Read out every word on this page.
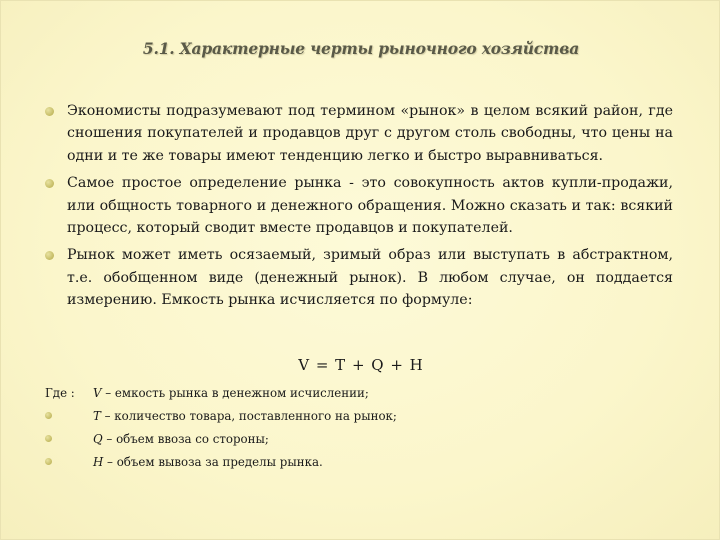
5.1. Характерные черты рыночного хозяйства
Экономисты подразумевают под термином «рынок» в целом всякий район, где сношения покупателей и продавцов друг с другом столь свободны, что цены на одни и те же товары имеют тенденцию легко и быстро выравниваться.
Самое простое определение рынка - это совокупность актов купли-продажи, или общность товарного и денежного обращения. Можно сказать и так: всякий процесс, который сводит вместе продавцов и покупателей.
Рынок может иметь осязаемый, зримый образ или выступать в абстрактном, т.е. обобщенном виде (денежный рынок). В любом случае, он поддается измерению. Емкость рынка исчисляется по формуле:
V = T + Q + H
Где : V – емкость рынка в денежном исчислении;
T – количество товара, поставленного на рынок;
Q – объем ввоза со стороны;
H – объем вывоза за пределы рынка.
